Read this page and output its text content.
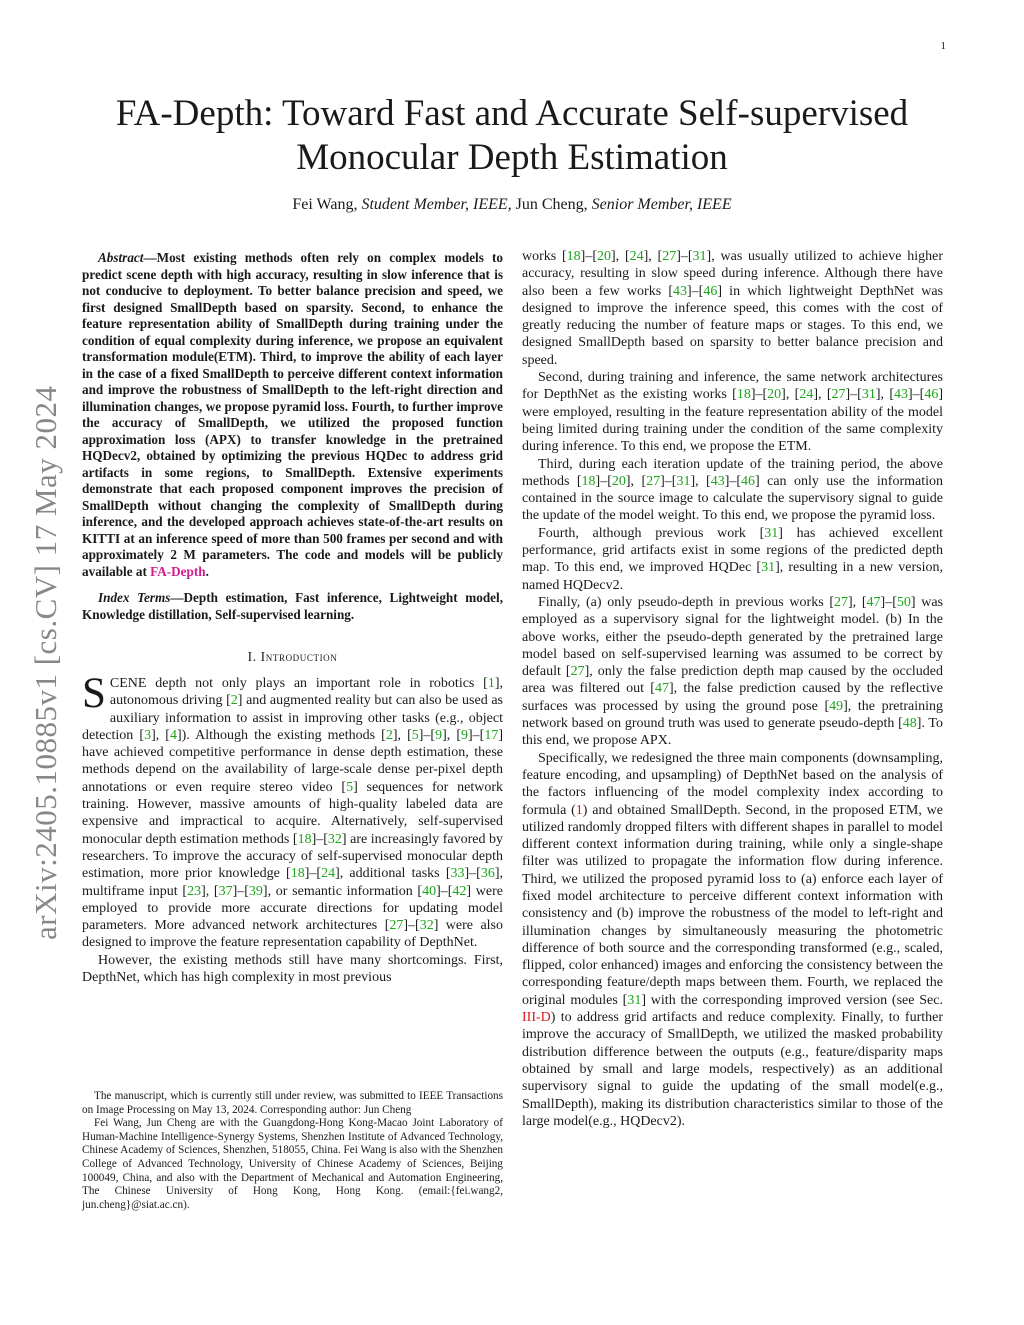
1
arXiv:2405.10885v1 [cs.CV] 17 May 2024
FA-Depth: Toward Fast and Accurate Self-supervised Monocular Depth Estimation
Fei Wang, Student Member, IEEE, Jun Cheng, Senior Member, IEEE

Abstract—Most existing methods often rely on complex models to predict scene depth with high accuracy, resulting in slow inference that is not conducive to deployment. To better balance precision and speed, we first designed SmallDepth based on sparsity. Second, to enhance the feature representation ability of SmallDepth during training under the condition of equal complexity during inference, we propose an equivalent transformation module(ETM). Third, to improve the ability of each layer in the case of a fixed SmallDepth to perceive different context information and improve the robustness of SmallDepth to the left-right direction and illumination changes, we propose pyramid loss. Fourth, to further improve the accuracy of SmallDepth, we utilized the proposed function approximation loss (APX) to transfer knowledge in the pretrained HQDecv2, obtained by optimizing the previous HQDec to address grid artifacts in some regions, to SmallDepth. Extensive experiments demonstrate that each proposed component improves the precision of SmallDepth without changing the complexity of SmallDepth during inference, and the developed approach achieves state-of-the-art results on KITTI at an inference speed of more than 500 frames per second and with approximately 2 M parameters. The code and models will be publicly available at FA-Depth.

Index Terms—Depth estimation, Fast inference, Lightweight model, Knowledge distillation, Self-supervised learning.

I. Introduction

SCENE depth not only plays an important role in robotics [1], autonomous driving [2] and augmented reality but can also be used as auxiliary information to assist in improving other tasks (e.g., object detection [3], [4]). Although the existing methods [2], [5]–[9], [9]–[17] have achieved competitive performance in dense depth estimation, these methods depend on the availability of large-scale dense per-pixel depth annotations or even require stereo video [5] sequences for network training. However, massive amounts of high-quality labeled data are expensive and impractical to acquire. Alternatively, self-supervised monocular depth estimation methods [18]–[32] are increasingly favored by researchers. To improve the accuracy of self-supervised monocular depth estimation, more prior knowledge [18]–[24], additional tasks [33]–[36], multiframe input [23], [37]–[39], or semantic information [40]–[42] were employed to provide more accurate directions for updating model parameters. More advanced network architectures [27]–[32] were also designed to improve the feature representation capability of DepthNet.

However, the existing methods still have many shortcomings. First, DepthNet, which has high complexity in most previous

The manuscript, which is currently still under review, was submitted to IEEE Transactions on Image Processing on May 13, 2024. Corresponding author: Jun Cheng

Fei Wang, Jun Cheng are with the Guangdong-Hong Kong-Macao Joint Laboratory of Human-Machine Intelligence-Synergy Systems, Shenzhen Institute of Advanced Technology, Chinese Academy of Sciences, Shenzhen, 518055, China. Fei Wang is also with the Shenzhen College of Advanced Technology, University of Chinese Academy of Sciences, Beijing 100049, China, and also with the Department of Mechanical and Automation Engineering, The Chinese University of Hong Kong, Hong Kong. (email:{fei.wang2, jun.cheng}@siat.ac.cn).

works [18]–[20], [24], [27]–[31], was usually utilized to achieve higher accuracy, resulting in slow speed during inference. Although there have also been a few works [43]–[46] in which lightweight DepthNet was designed to improve the inference speed, this comes with the cost of greatly reducing the number of feature maps or stages. To this end, we designed SmallDepth based on sparsity to better balance precision and speed.

Second, during training and inference, the same network architectures for DepthNet as the existing works [18]–[20], [24], [27]–[31], [43]–[46] were employed, resulting in the feature representation ability of the model being limited during training under the condition of the same complexity during inference. To this end, we propose the ETM.

Third, during each iteration update of the training period, the above methods [18]–[20], [27]–[31], [43]–[46] can only use the information contained in the source image to calculate the supervisory signal to guide the update of the model weight. To this end, we propose the pyramid loss.

Fourth, although previous work [31] has achieved excellent performance, grid artifacts exist in some regions of the predicted depth map. To this end, we improved HQDec [31], resulting in a new version, named HQDecv2.

Finally, (a) only pseudo-depth in previous works [27], [47]–[50] was employed as a supervisory signal for the lightweight model. (b) In the above works, either the pseudo-depth generated by the pretrained large model based on self-supervised learning was assumed to be correct by default [27], only the false prediction depth map caused by the occluded area was filtered out [47], the false prediction caused by the reflective surfaces was processed by using the ground pose [49], the pretraining network based on ground truth was used to generate pseudo-depth [48]. To this end, we propose APX.

Specifically, we redesigned the three main components (downsampling, feature encoding, and upsampling) of DepthNet based on the analysis of the factors influencing of the model complexity index according to formula (1) and obtained SmallDepth. Second, in the proposed ETM, we utilized randomly dropped filters with different shapes in parallel to model different context information during training, while only a single-shape filter was utilized to propagate the information flow during inference. Third, we utilized the proposed pyramid loss to (a) enforce each layer of fixed model architecture to perceive different context information with consistency and (b) improve the robustness of the model to left-right and illumination changes by simultaneously measuring the photometric difference of both source and the corresponding transformed (e.g., scaled, flipped, color enhanced) images and enforcing the consistency between the corresponding feature/depth maps between them. Fourth, we replaced the original modules [31] with the corresponding improved version (see Sec. III-D) to address grid artifacts and reduce complexity. Finally, to further improve the accuracy of SmallDepth, we utilized the masked probability distribution difference between the outputs (e.g., feature/disparity maps obtained by small and large models, respectively) as an additional supervisory signal to guide the updating of the small model(e.g., SmallDepth), making its distribution characteristics similar to those of the large model(e.g., HQDecv2).
